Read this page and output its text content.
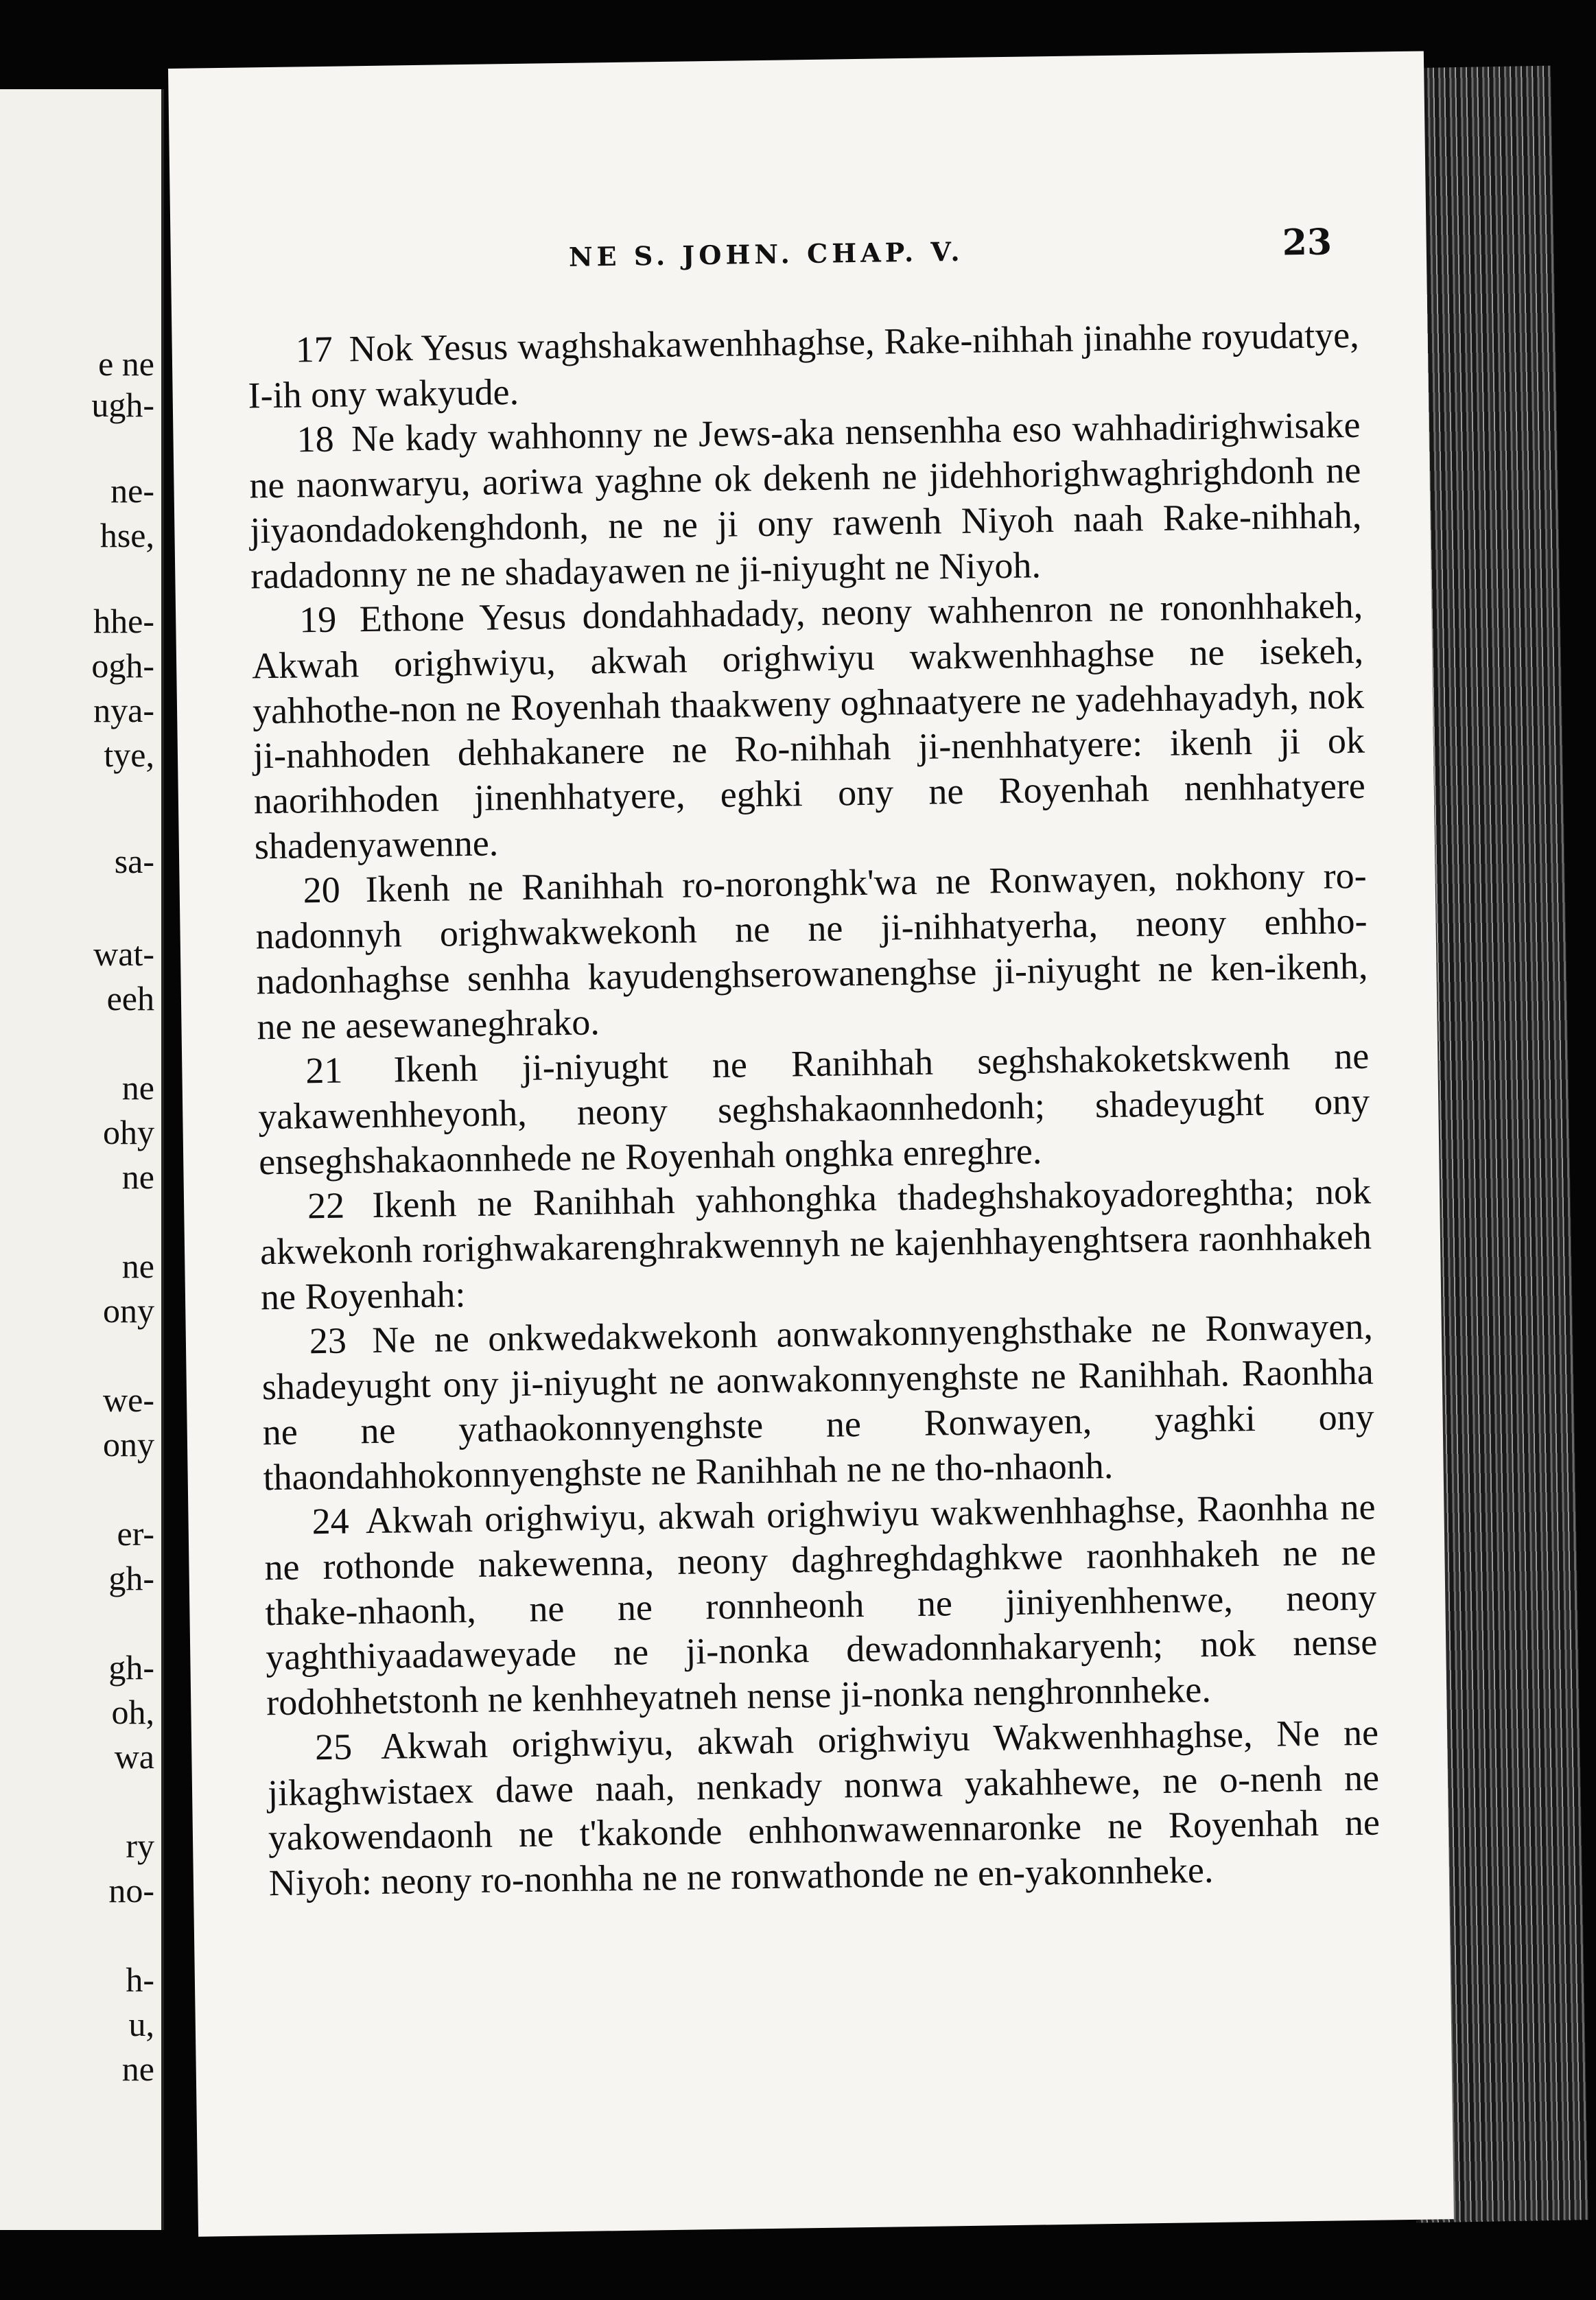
e ne
ugh-
ne-
hse,
hhe-
ogh-
nya-
tye,
sa-
wat-
eeh
ne
ohy
ne
ne
ony
we-
ony
er-
gh-
gh-
oh,
wa
ry
no-
h-
u,
ne
NE S. JOHN. CHAP. V.	23

17 Nok Yesus waghshakawenhhaghse, Rake-nihhah jinahhe royudatye, I-ih ony wakyude.

18 Ne kady wahhonny ne Jews-aka nensenhha eso wahhadirighwisake ne naonwaryu, aoriwa yaghne ok dekenh ne jidehhorighwaghrighdonh ne jiyaondadokenghdonh, ne ne ji ony rawenh Niyoh naah Rake-nihhah, radadonny ne ne shadayawen ne ji-niyught ne Niyoh.

19 Ethone Yesus dondahhadady, neony wahhenron ne rononhhakeh, Akwah orighwiyu, akwah orighwiyu wakwenhhaghse ne isekeh, yahhothe-non ne Royenhah thaakweny oghnaatyere ne yadehhayadyh, nok ji-nahhoden dehhakanere ne Ro-nihhah ji-nenhhatyere: ikenh ji ok naorihhoden jinenhhatyere, eghki ony ne Royenhah nenhhatyere shadenyawenne.

20 Ikenh ne Ranihhah ro-noronghk'wa ne Ronwayen, nokhony ro-nadonnyh orighwakwekonh ne ne ji-nihhatyerha, neony enhho-nadonhaghse senhha kayudenghserowanenghse ji-niyught ne ken-ikenh, ne ne aesewaneghrako.

21 Ikenh ji-niyught ne Ranihhah seghshakoketskwenh ne yakawenhheyonh, neony seghshakaonnhedonh; shadeyught ony enseghshakaonnhede ne Royenhah onghka enreghre.

22 Ikenh ne Ranihhah yahhonghka thadeghshakoyadoreghtha; nok akwekonh rorighwakarenghrakwennyh ne kajenhhayenghtsera raonhhakeh ne Royenhah:

23 Ne ne onkwedakwekonh aonwakonnyenghsthake ne Ronwayen, shadeyught ony ji-niyught ne aonwakonnyenghste ne Ranihhah. Raonhha ne ne yathaokonnyenghste ne Ronwayen, yaghki ony thaondahhokonnyenghste ne Ranihhah ne ne tho-nhaonh.

24 Akwah orighwiyu, akwah orighwiyu wakwenhhaghse, Raonhha ne ne rothonde nakewenna, neony daghreghdaghkwe raonhhakeh ne ne thake-nhaonh, ne ne ronnheonh ne jiniyenhhenwe, neony yaghthiyaadaweyade ne ji-nonka dewadonnhakaryenh; nok nense rodohhetstonh ne kenhheyatneh nense ji-nonka nenghronnheke.

25 Akwah orighwiyu, akwah orighwiyu Wakwenhhaghse, Ne ne jikaghwistaex dawe naah, nenkady nonwa yakahhewe, ne o-nenh ne yakowendaonh ne t'kakonde enhhonwawennaronke ne Royenhah ne Niyoh: neony ro-nonhha ne ne ronwathonde ne en-yakonnheke.
